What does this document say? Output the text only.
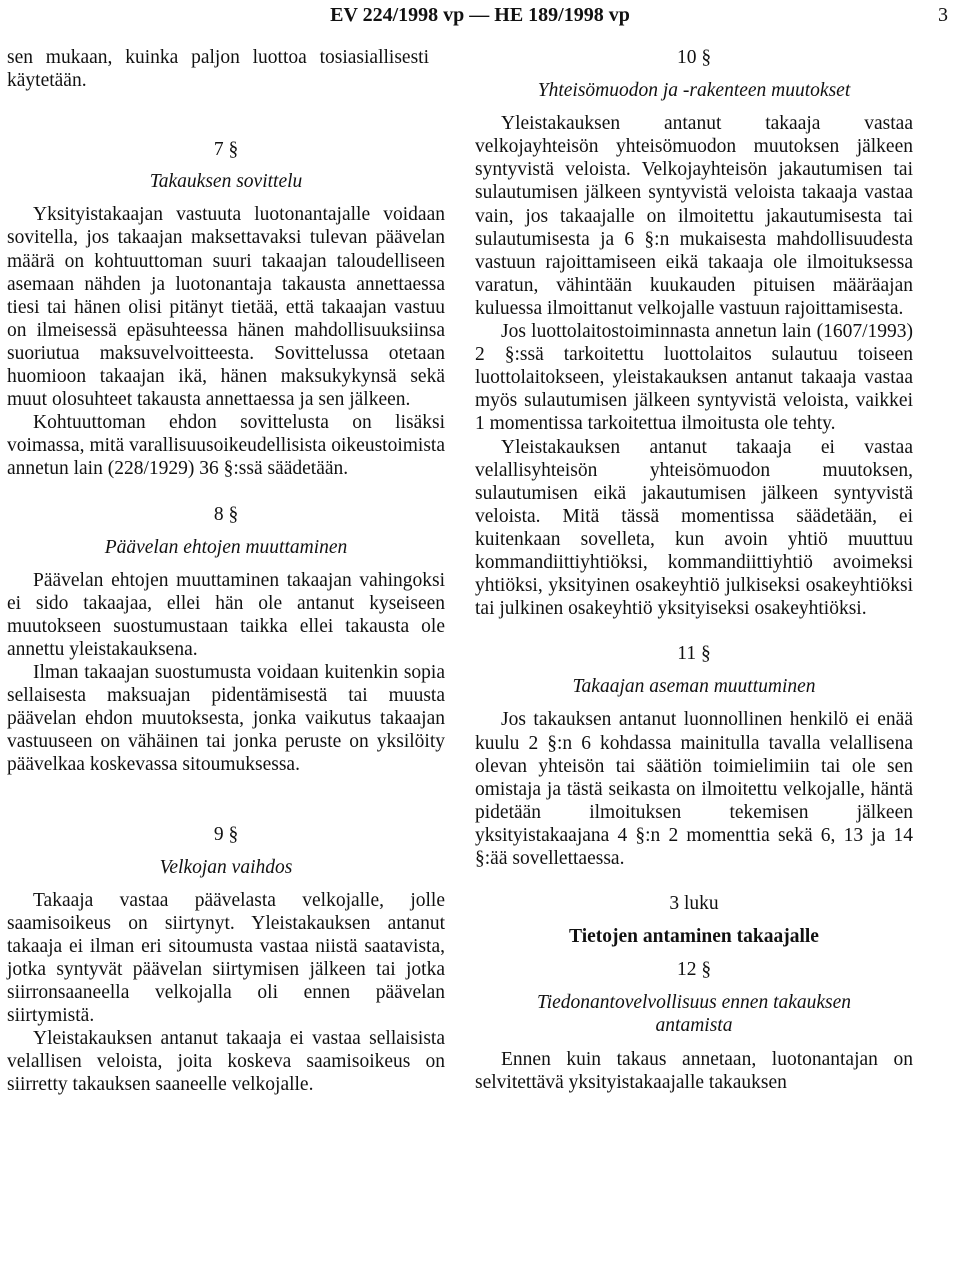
EV 224/1998 vp — HE 189/1998 vp	3

sen mukaan, kuinka paljon luottoa tosiasiallisesti käytetään.

7 §
Takauksen sovittelu

Yksityistakaajan vastuuta luotonantajalle voidaan sovitella, jos takaajan maksettavaksi tulevan päävelan määrä on kohtuuttoman suuri takaajan taloudelliseen asemaan nähden ja luotonantaja takausta annettaessa tiesi tai hänen olisi pitänyt tietää, että takaajan vastuu on ilmeisessä epäsuhteessa hänen mahdollisuuksiinsa suoriutua maksuvelvoitteesta. Sovittelussa otetaan huomioon takaajan ikä, hänen maksukykynsä sekä muut olosuhteet takausta annettaessa ja sen jälkeen.

Kohtuuttoman ehdon sovittelusta on lisäksi voimassa, mitä varallisuusoikeudellisista oikeustoimista annetun lain (228/1929) 36 §:ssä säädetään.

8 §
Päävelan ehtojen muuttaminen

Päävelan ehtojen muuttaminen takaajan vahingoksi ei sido takaajaa, ellei hän ole antanut kyseiseen muutokseen suostumustaan taikka ellei takausta ole annettu yleistakauksena.

Ilman takaajan suostumusta voidaan kuitenkin sopia sellaisesta maksuajan pidentämisestä tai muusta päävelan ehdon muutoksesta, jonka vaikutus takaajan vastuuseen on vähäinen tai jonka peruste on yksilöity päävelkaa koskevassa sitoumuksessa.

9 §
Velkojan vaihdos

Takaaja vastaa päävelasta velkojalle, jolle saamisoikeus on siirtynyt. Yleistakauksen antanut takaaja ei ilman eri sitoumusta vastaa niistä saatavista, jotka syntyvät päävelan siirtymisen jälkeen tai jotka siirronsaaneella velkojalla oli ennen päävelan siirtymistä.

Yleistakauksen antanut takaaja ei vastaa sellaisista velallisen veloista, joita koskeva saamisoikeus on siirretty takauksen saaneelle velkojalle.

10 §
Yhteisömuodon ja -rakenteen muutokset

Yleistakauksen antanut takaaja vastaa velkojayhteisön yhteisömuodon muutoksen jälkeen syntyvistä veloista. Velkojayhteisön jakautumisen tai sulautumisen jälkeen syntyvistä veloista takaaja vastaa vain, jos takaajalle on ilmoitettu jakautumisesta tai sulautumisesta ja 6 §:n mukaisesta mahdollisuudesta vastuun rajoittamiseen eikä takaaja ole ilmoituksessa varatun, vähintään kuukauden pituisen määräajan kuluessa ilmoittanut velkojalle vastuun rajoittamisesta.

Jos luottolaitostoiminnasta annetun lain (1607/1993) 2 §:ssä tarkoitettu luottolaitos sulautuu toiseen luottolaitokseen, yleistakauksen antanut takaaja vastaa myös sulautumisen jälkeen syntyvistä veloista, vaikkei 1 momentissa tarkoitettua ilmoitusta ole tehty.

Yleistakauksen antanut takaaja ei vastaa velallisyhteisön yhteisömuodon muutoksen, sulautumisen eikä jakautumisen jälkeen syntyvistä veloista. Mitä tässä momentissa säädetään, ei kuitenkaan sovelleta, kun avoin yhtiö muuttuu kommandiittiyhtiöksi, kommandiittiyhtiö avoimeksi yhtiöksi, yksityinen osakeyhtiö julkiseksi osakeyhtiöksi tai julkinen osakeyhtiö yksityiseksi osakeyhtiöksi.

11 §
Takaajan aseman muuttuminen

Jos takauksen antanut luonnollinen henkilö ei enää kuulu 2 §:n 6 kohdassa mainitulla tavalla velallisena olevan yhteisön tai säätiön toimielimiin tai ole sen omistaja ja tästä seikasta on ilmoitettu velkojalle, häntä pidetään ilmoituksen tekemisen jälkeen yksityistakaajana 4 §:n 2 momenttia sekä 6, 13 ja 14 §:ää sovellettaessa.

3 luku
Tietojen antaminen takaajalle
12 §
Tiedonantovelvollisuus ennen takauksen antamista

Ennen kuin takaus annetaan, luotonantajan on selvitettävä yksityistakaajalle takauksen
